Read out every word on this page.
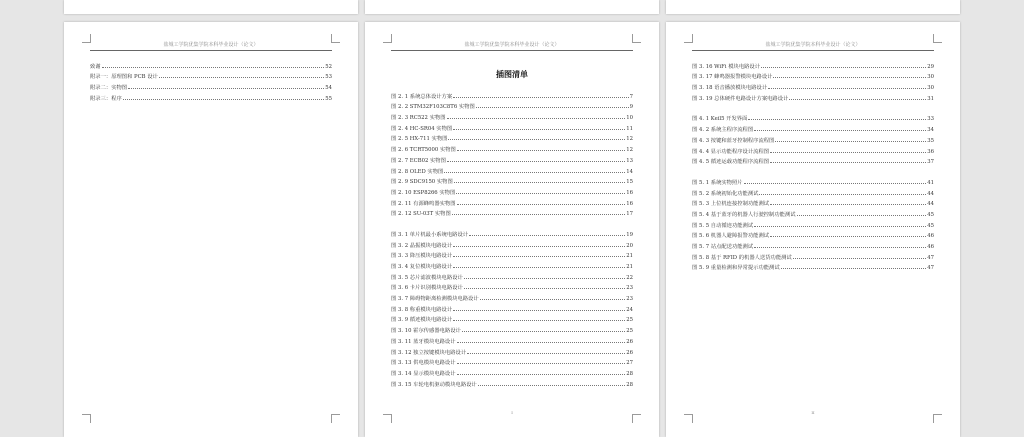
盐城工学院优集学院本科毕业设计（论文）
致谢	52
附录一：原理图和 PCB 设计	53
附录二：实物图	54
附录三：程序	55
盐城工学院优集学院本科毕业设计（论文）
插图清单
图 2. 1 系统总体设计方案	7
图 2. 2 STM32F103C8T6 实物图	9
图 2. 3 RC522 实物图	10
图 2. 4 HC-SR04 实物图	11
图 2. 5 HX-711 实物图	12
图 2. 6 TCRT5000 实物图	12
图 2. 7 ECB02 实物图	13
图 2. 8 OLED 实物图	14
图 2. 9 SDC9150 实物图	15
图 2. 10 ESP8266 实物图	16
图 2. 11 有源蜂鸣器实物图	16
图 2. 12 SU-03T 实物图	17
图 3. 1 单片机最小系统电路设计	19
图 3. 2 晶振模块电路设计	20
图 3. 3 降压模块电路设计	21
图 3. 4 复位模块电路设计	21
图 3. 5 芯片滤波模块电路设计	22
图 3. 6 卡片识别模块电路设计	23
图 3. 7 障碍物距离检测模块电路设计	23
图 3. 8 称重模块电路设计	24
图 3. 9 循迹模块电路设计	25
图 3. 10 霍尔传感器电路设计	25
图 3. 11 蓝牙模块电路设计	26
图 3. 12 独立按键模块电路设计	26
图 3. 13 供电模块电路设计	27
图 3. 14 显示模块电路设计	28
图 3. 15 车轮电机驱动模块电路设计	28
I
盐城工学院优集学院本科毕业设计（论文）
图 3. 16 WiFi 模块电路设计	29
图 3. 17 蜂鸣器报警模块电路设计	30
图 3. 18 语音播放模块电路设计	30
图 3. 19 总体硬件电路设计方案电路设计	31
图 4. 1 Keil5 开发界面	33
图 4. 2 系统主程序流程图	34
图 4. 3 按键和蓝牙控制程序流程图	35
图 4. 4 显示功能程序设计流程图	36
图 4. 5 循迹运载功能程序流程图	37
图 5. 1 系统实物照片	41
图 5. 2 系统初始化功能测试	44
图 5. 3 上位机连接控制功能测试	44
图 5. 4 基于蓝牙的机器人行驶控制功能测试	45
图 5. 5 自动循迹功能测试	45
图 5. 6 机器人避障报警功能测试	46
图 5. 7 站点配送功能测试	46
图 5. 8 基于 RFID 的机器人送货功能测试	47
图 5. 9 重量检测和异常提示功能测试	47
II
